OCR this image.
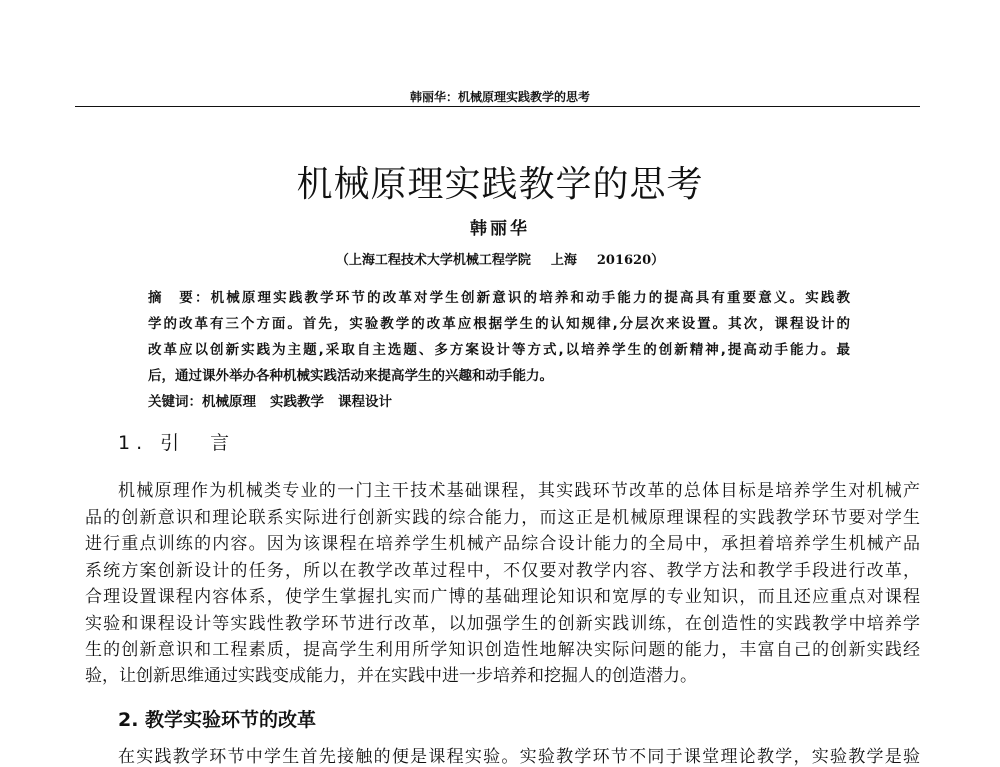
韩丽华：机械原理实践教学的思考
机械原理实践教学的思考
韩丽华
（上海工程技术大学机械工程学院 上海 201620）
摘　要：机械原理实践教学环节的改革对学生创新意识的培养和动手能力的提高具有重要意义。实践教
学的改革有三个方面。首先，实验教学的改革应根据学生的认知规律,分层次来设置。其次，课程设计的
改革应以创新实践为主题,采取自主选题、多方案设计等方式,以培养学生的创新精神,提高动手能力。最
后，通过课外举办各种机械实践活动来提高学生的兴趣和动手能力。
关键词：机械原理 实践教学 课程设计
1. 引　言
机械原理作为机械类专业的一门主干技术基础课程，其实践环节改革的总体目标是培养学生对机械产
品的创新意识和理论联系实际进行创新实践的综合能力，而这正是机械原理课程的实践教学环节要对学生
进行重点训练的内容。因为该课程在培养学生机械产品综合设计能力的全局中，承担着培养学生机械产品
系统方案创新设计的任务，所以在教学改革过程中，不仅要对教学内容、教学方法和教学手段进行改革，
合理设置课程内容体系，使学生掌握扎实而广博的基础理论知识和宽厚的专业知识，而且还应重点对课程
实验和课程设计等实践性教学环节进行改革，以加强学生的创新实践训练，在创造性的实践教学中培养学
生的创新意识和工程素质，提高学生利用所学知识创造性地解决实际问题的能力，丰富自己的创新实践经
验，让创新思维通过实践变成能力，并在实践中进一步培养和挖掘人的创造潜力。
2. 教学实验环节的改革
在实践教学环节中学生首先接触的便是课程实验。实验教学环节不同于课堂理论教学，实验教学是验
